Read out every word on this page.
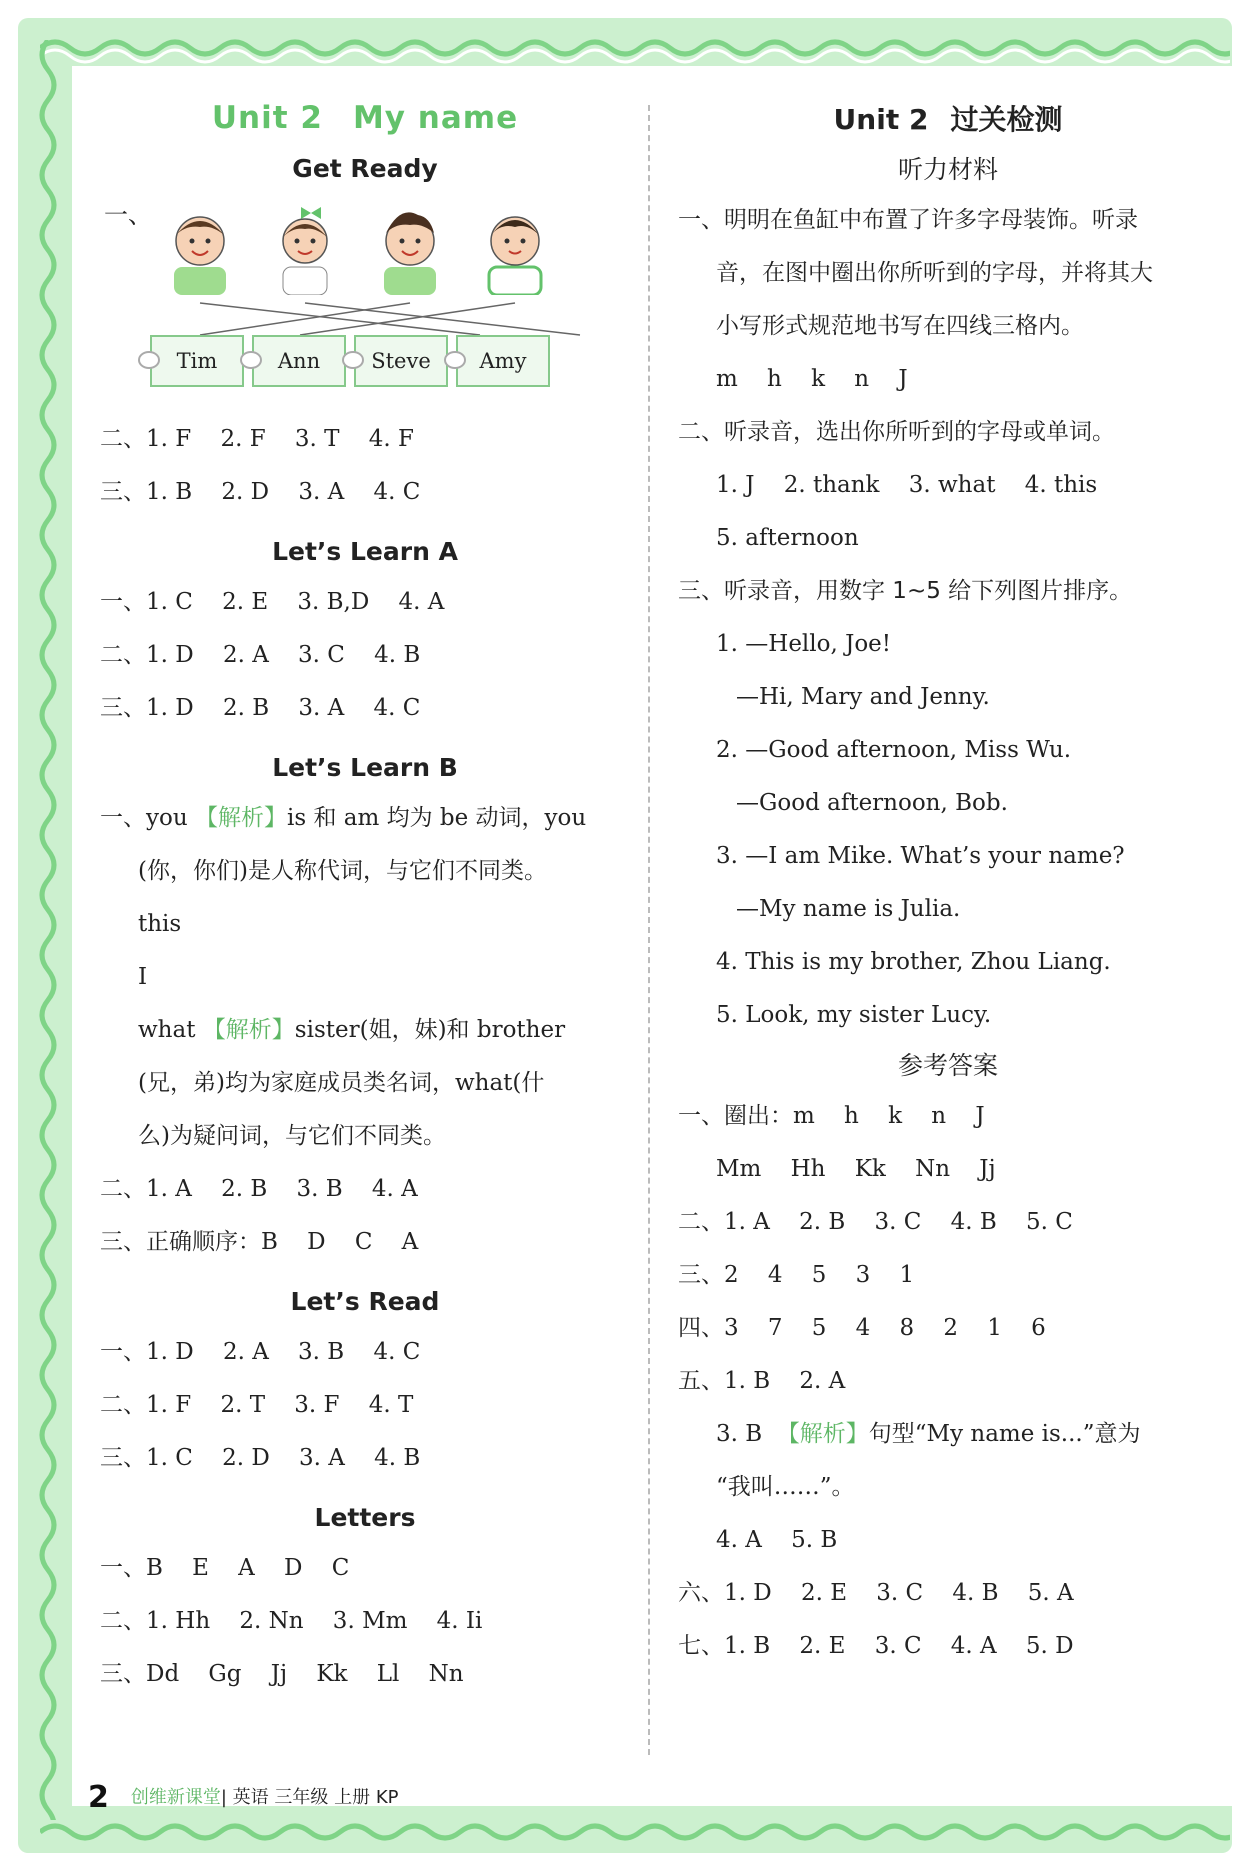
Unit 2 My name
Get Ready
一、
Tim	Ann	Steve	Amy
二、1. F    2. F    3. T    4. F
三、1. B    2. D    3. A    4. C
Let’s Learn A
一、1. C    2. E    3. B,D    4. A
二、1. D    2. A    3. C    4. B
三、1. D    2. B    3. A    4. C
Let’s Learn B
一、you 【解析】is 和 am 均为 be 动词，you
(你，你们)是人称代词，与它们不同类。
this
I
what 【解析】sister(姐，妹)和 brother
(兄，弟)均为家庭成员类名词，what(什
么)为疑问词，与它们不同类。
二、1. A    2. B    3. B    4. A
三、正确顺序：B    D    C    A
Let’s Read
一、1. D    2. A    3. B    4. C
二、1. F    2. T    3. F    4. T
三、1. C    2. D    3. A    4. B
Letters
一、B    E    A    D    C
二、1. Hh    2. Nn    3. Mm    4. Ii
三、Dd    Gg    Jj    Kk    Ll    Nn
Unit 2 过关检测
听力材料
一、明明在鱼缸中布置了许多字母装饰。听录
音，在图中圈出你所听到的字母，并将其大
小写形式规范地书写在四线三格内。
m    h    k    n    J
二、听录音，选出你所听到的字母或单词。
1. J    2. thank    3. what    4. this
5. afternoon
三、听录音，用数字 1~5 给下列图片排序。
1. —Hello, Joe!
—Hi, Mary and Jenny.
2. —Good afternoon, Miss Wu.
—Good afternoon, Bob.
3. —I am Mike. What’s your name?
—My name is Julia.
4. This is my brother, Zhou Liang.
5. Look, my sister Lucy.
参考答案
一、圈出：m    h    k    n    J
Mm    Hh    Kk    Nn    Jj
二、1. A    2. B    3. C    4. B    5. C
三、2    4    5    3    1
四、3    7    5    4    8    2    1    6
五、1. B    2. A
3. B  【解析】句型“My name is...”意为
“我叫……”。
4. A    5. B
六、1. D    2. E    3. C    4. B    5. A
七、1. B    2. E    3. C    4. A    5. D
2 创维新课堂| 英语 三年级 上册 KP
